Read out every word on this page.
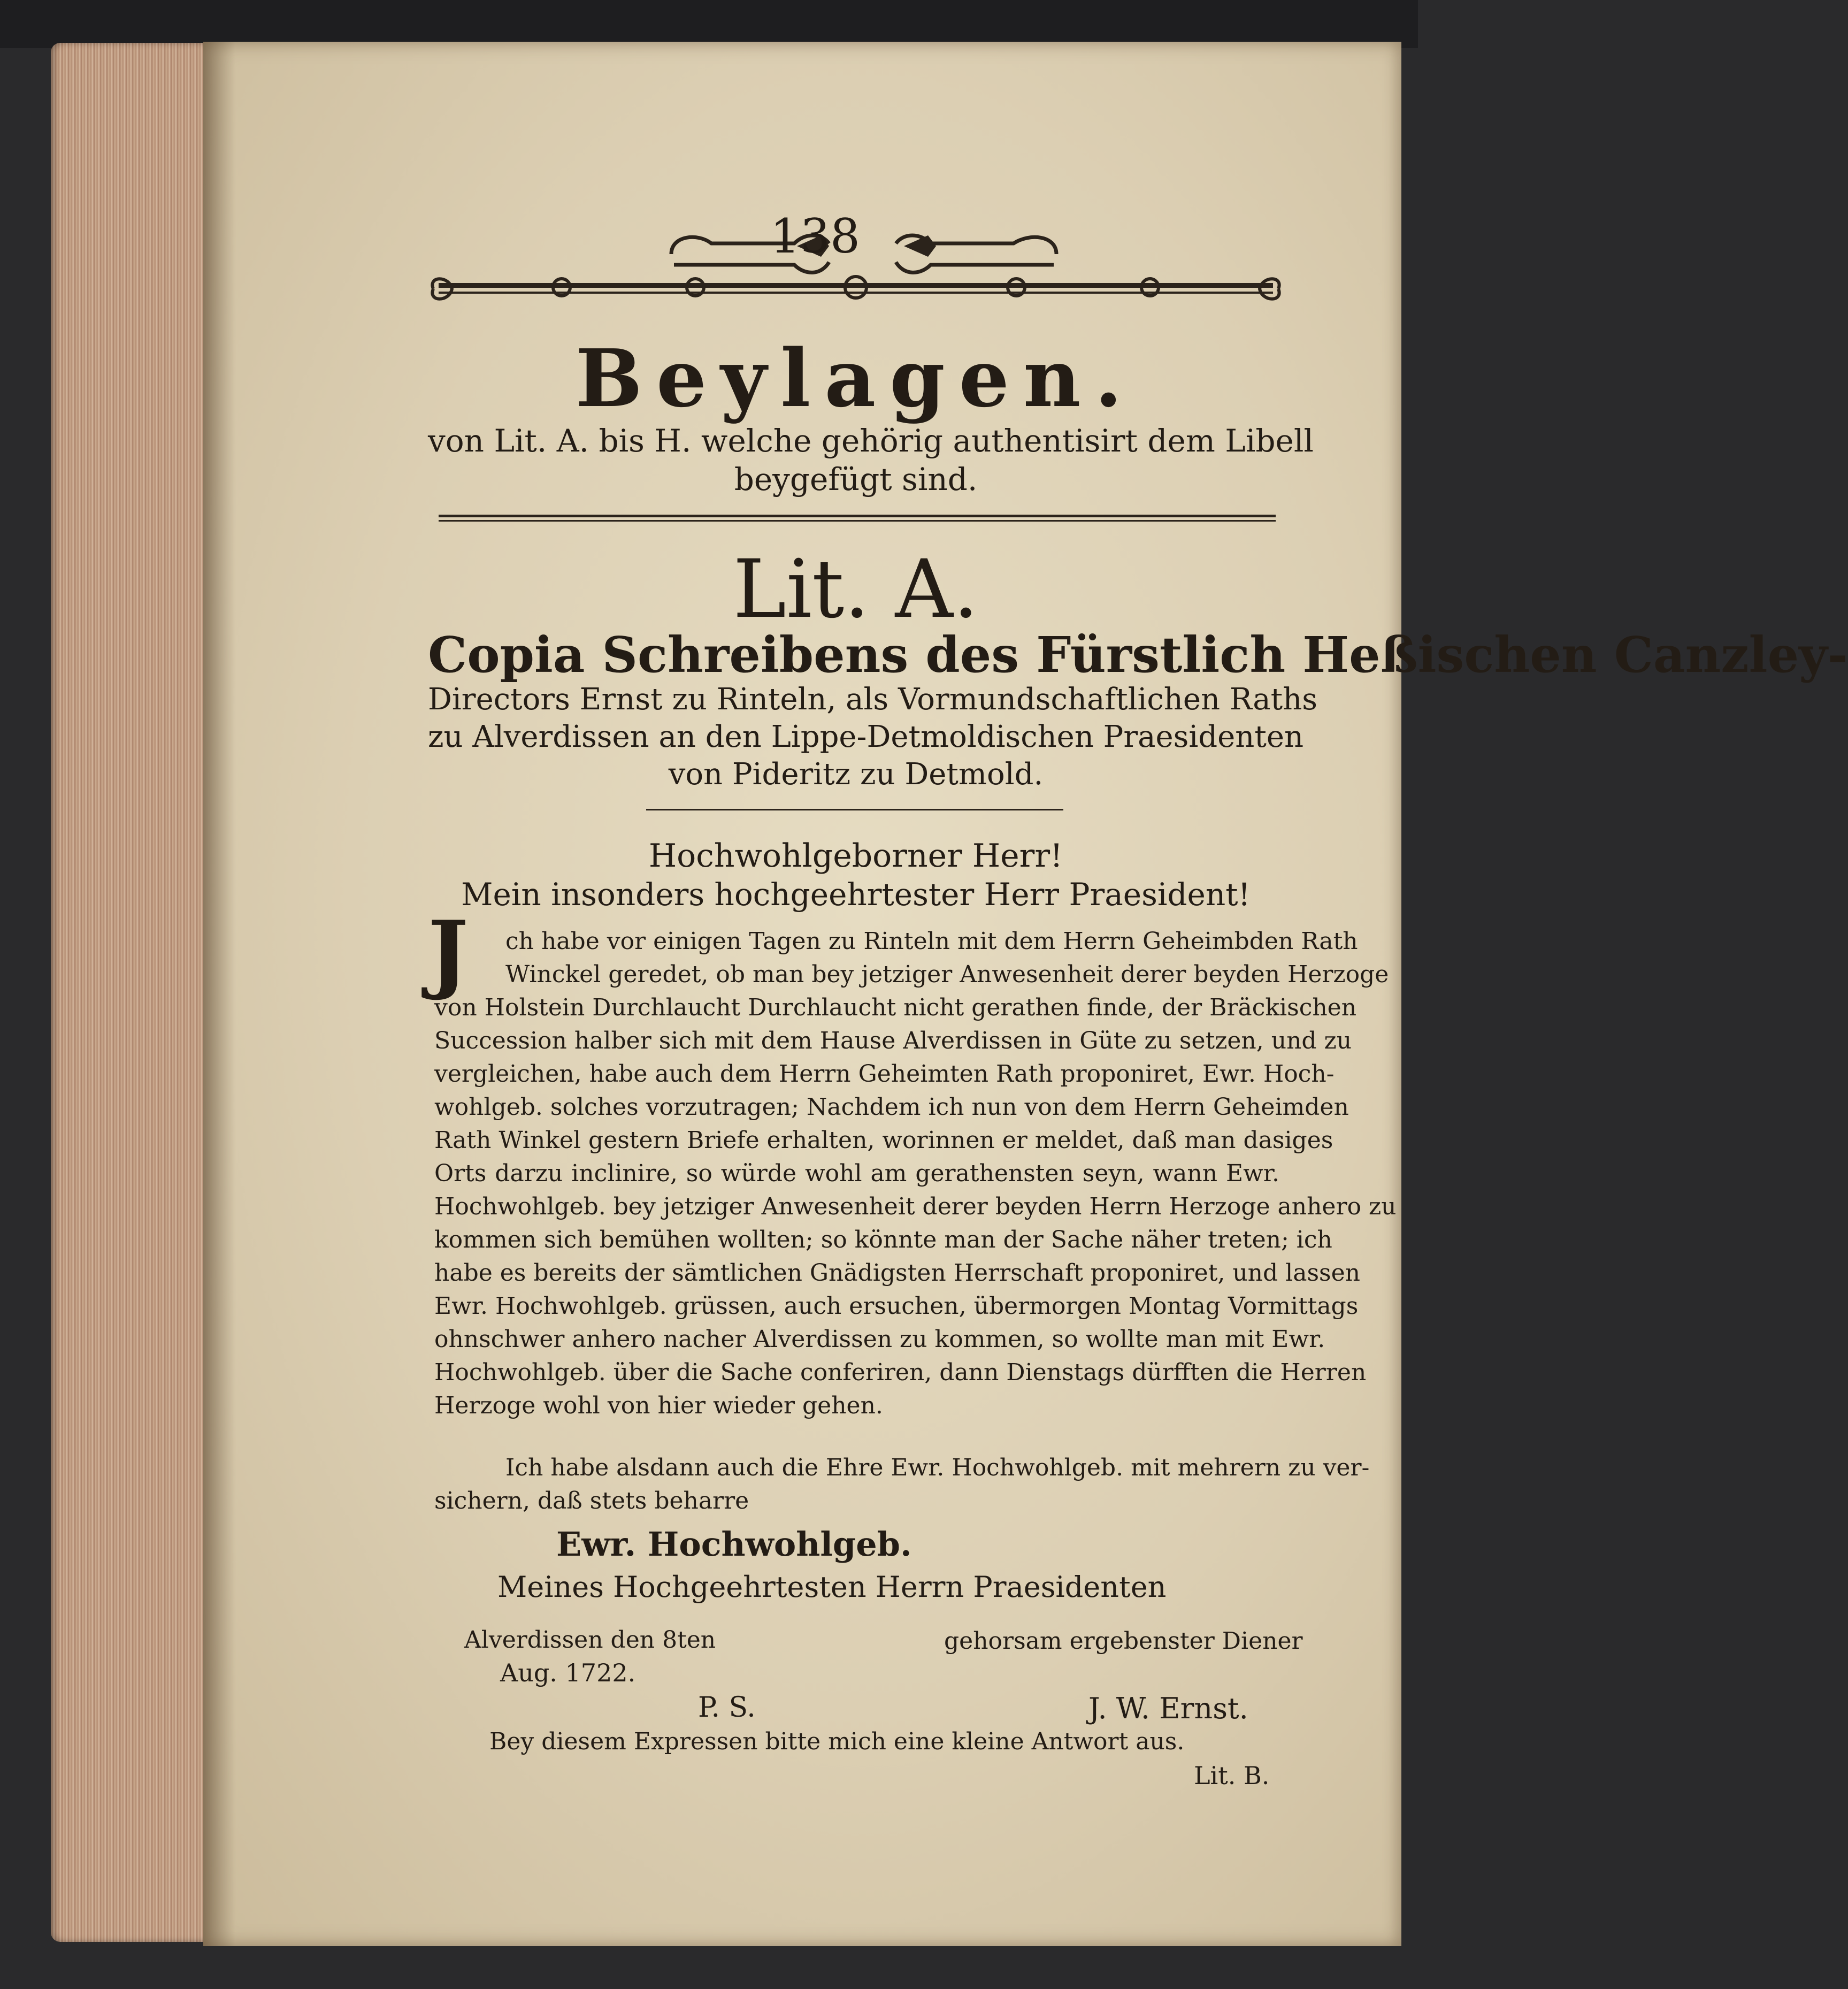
138
Beylagen.
von Lit. A. bis H. welche gehörig authentisirt dem Libell
beygefügt sind.
Lit. A.
Copia Schreibens des Fürstlich Heßischen Canzley-
Directors Ernst zu Rinteln, als Vormundschaftlichen Raths
zu Alverdissen an den Lippe-Detmoldischen Praesidenten
von Pideritz zu Detmold.
Hochwohlgeborner Herr!
Mein insonders hochgeehrtester Herr Praesident!
J ch habe vor einigen Tagen zu Rinteln mit dem Herrn Geheimbden Rath
Winckel geredet, ob man bey jetziger Anwesenheit derer beyden Herzoge
von Holstein Durchlaucht Durchlaucht nicht gerathen finde, der Bräckischen
Succession halber sich mit dem Hause Alverdissen in Güte zu setzen, und zu
vergleichen, habe auch dem Herrn Geheimten Rath proponiret, Ewr. Hoch-
wohlgeb. solches vorzutragen; Nachdem ich nun von dem Herrn Geheimden
Rath Winkel gestern Briefe erhalten, worinnen er meldet, daß man dasiges
Orts darzu inclinire, so würde wohl am gerathensten seyn, wann Ewr.
Hochwohlgeb. bey jetziger Anwesenheit derer beyden Herrn Herzoge anhero zu
kommen sich bemühen wollten; so könnte man der Sache näher treten; ich
habe es bereits der sämtlichen Gnädigsten Herrschaft proponiret, und lassen
Ewr. Hochwohlgeb. grüssen, auch ersuchen, übermorgen Montag Vormittags
ohnschwer anhero nacher Alverdissen zu kommen, so wollte man mit Ewr.
Hochwohlgeb. über die Sache conferiren, dann Dienstags dürfften die Herren
Herzoge wohl von hier wieder gehen.
Ich habe alsdann auch die Ehre Ewr. Hochwohlgeb. mit mehrern zu ver-
sichern, daß stets beharre
Ewr. Hochwohlgeb.
Meines Hochgeehrtesten Herrn Praesidenten
Alverdissen den 8ten
Aug. 1722.
gehorsam ergebenster Diener
P. S.	J. W. Ernst.
Bey diesem Expressen bitte mich eine kleine Antwort aus.
Lit. B.
